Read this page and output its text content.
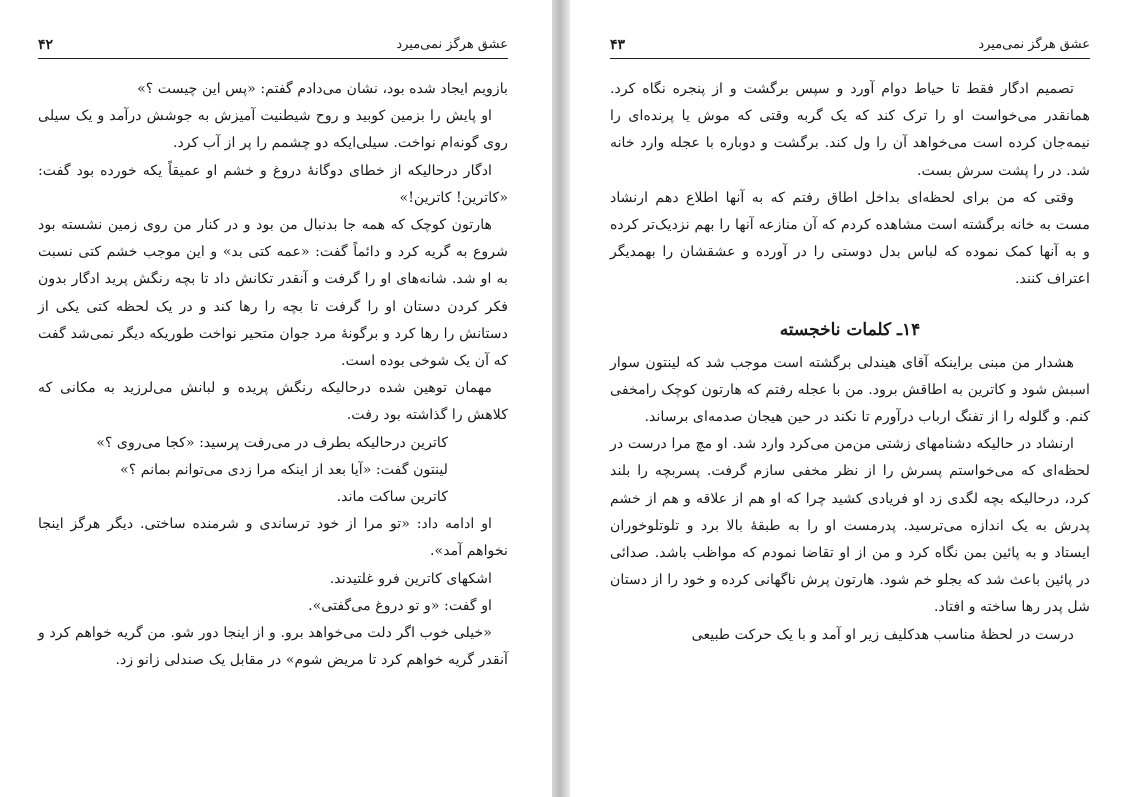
عشق هرگز نمی‌میرد
۴۲

بازویم ایجاد شده بود، نشان می‌دادم گفتم: «پس این چیست ؟»

او پایش را بزمین کوبید و روح شیطنیت آمیزش به جوشش درآمد و یک سیلی روی گونه‌ام نواخت. سیلی‌ایکه دو چشمم را پر از آب کرد.

ادگار درحالیکه از خطای دوگانهٔ دروغ و خشم او عمیقاً یکه خورده بود گفت: «کاترین! کاترین!»

هارتون کوچک که همه جا بدنبال من بود و در کنار من روی زمین نشسته بود شروع به گریه کرد و دائماً گفت: «عمه کتی بد» و این موجب خشم کتی نسبت به او شد. شانه‌های او را گرفت و آنقدر تکانش داد تا بچه رنگش پرید ادگار بدون فکر کردن دستان او را گرفت تا بچه را رها کند و در یک لحظه کتی یکی از دستانش را رها کرد و برگونهٔ مرد جوان متحیر نواخت طوریکه دیگر نمی‌شد گفت که آن یک شوخی بوده است.

مهمان توهین شده درحالیکه رنگش پریده و لبانش می‌لرزید به مکانی که کلاهش را گذاشته بود رفت.

کاترین درحالیکه بطرف در می‌رفت پرسید: «کجا می‌روی ؟»

لینتون گفت: «آیا بعد از اینکه مرا زدی می‌توانم بمانم ؟»

کاترین ساکت ماند.

او ادامه داد: «تو مرا از خود ترساندی و شرمنده ساختی. دیگر هرگز اینجا نخواهم آمد».

اشکهای کاترین فرو غلتیدند.

او گفت: «و تو دروغ می‌گفتی».

«خیلی خوب اگر دلت می‌خواهد برو. و از اینجا دور شو. من گریه خواهم کرد و آنقدر گریه خواهم کرد تا مریض شوم» در مقابل یک صندلی زانو زد.

عشق هرگز نمی‌میرد
۴۳

تصمیم ادگار فقط تا حیاط دوام آورد و سپس برگشت و از پنجره نگاه کرد. همانقدر می‌خواست او را ترک کند که یک گربه وقتی که موش یا پرنده‌ای را نیمه‌جان کرده است می‌خواهد آن را ول کند. برگشت و دوباره با عجله وارد خانه شد. در را پشت سرش بست.

وقتی که من برای لحظه‌ای بداخل اطاق رفتم که به آنها اطلاع دهم ارنشاد مست به خانه برگشته است مشاهده کردم که آن منازعه آنها را بهم نزدیک‌تر کرده و به آنها کمک نموده که لباس بدل دوستی را در آورده و عشقشان را بهمدیگر اعتراف کنند.

۱۴ـ کلمات ناخجسته

هشدار من مبنی براینکه آقای هیندلی برگشته است موجب شد که لینتون سوار اسبش شود و کاترین به اطاقش برود. من با عجله رفتم که هارتون کوچک رامخفی کنم. و گلوله را از تفنگ ارباب درآورم تا نکند در حین هیجان صدمه‌ای برساند.

ارنشاد در حالیکه دشنامهای زشتی من‌من می‌کرد وارد شد. او مچ مرا درست در لحظه‌ای که می‌خواستم پسرش را از نظر مخفی سازم گرفت. پسربچه را بلند کرد، درحالیکه بچه لگدی زد او فریادی کشید چرا که او هم از علاقه و هم از خشم پدرش به یک اندازه می‌ترسید. پدرمست او را به طبقهٔ بالا برد و تلوتلوخوران ایستاد و به پائین بمن نگاه کرد و من از او تقاضا نمودم که مواظب باشد. صدائی در پائین باعث شد که بجلو خم شود. هارتون پرش ناگهانی کرده و خود را از دستان شل پدر رها ساخته و افتاد.

درست در لحظهٔ مناسب هدکلیف زیر او آمد و با یک حرکت طبیعی
